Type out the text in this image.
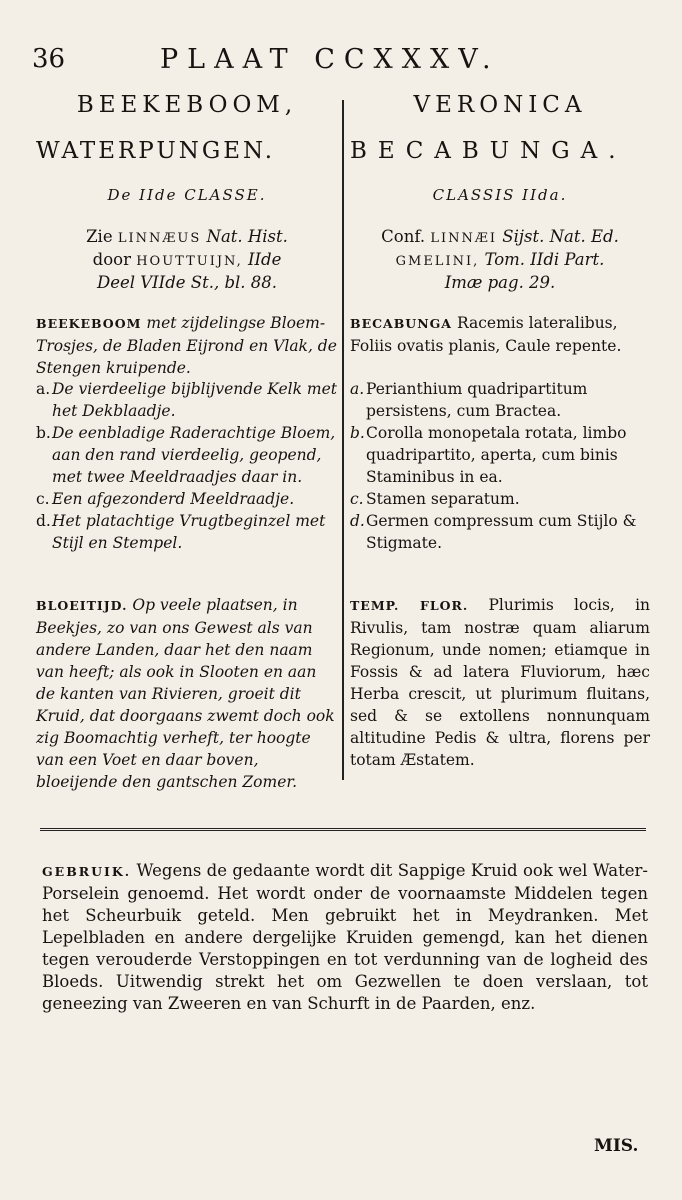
36	PLAAT CCXXXV.
BEEKEBOOM,
WATERPUNGEN.
De IIde CLASSE.
Zie LINNÆUS Nat. Hist.
door HOUTTUIJN, IIde
Deel VIIde St., bl. 88.
BEEKEBOOM met zijdelingse Bloem-Trosjes, de Bladen Eijrond en Vlak, de Stengen kruipende.
a. De vierdeelige bijblijvende Kelk met het Dekblaadje.
b. De eenbladige Raderachtige Bloem, aan den rand vierdeelig, geopend, met twee Meeldraadjes daar in.
c. Een afgezonderd Meeldraadje.
d. Het platachtige Vrugtbeginzel met Stijl en Stempel.
BLOEITIJD. Op veele plaatsen, in Beekjes, zo van ons Gewest als van andere Landen, daar het den naam van heeft; als ook in Slooten en aan de kanten van Rivieren, groeit dit Kruid, dat doorgaans zwemt doch ook zig Boomachtig verheft, ter hoogte van een Voet en daar boven, bloeijende den gantschen Zomer.
VERONICA
BECABUNGA.
CLASSIS IIda.
Conf. LINNÆI Sijst. Nat. Ed.
GMELINI, Tom. IIdi Part.
Imæ pag. 29.
BECABUNGA Racemis lateralibus, Foliis ovatis planis, Caule repente.
a. Perianthium quadripartitum persistens, cum Bractea.
b. Corolla monopetala rotata, limbo quadripartito, aperta, cum binis Staminibus in ea.
c. Stamen separatum.
d. Germen compressum cum Stijlo & Stigmate.
TEMP. FLOR. Plurimis locis, in Rivulis, tam nostræ quam aliarum Regionum, unde nomen; etiamque in Fossis & ad latera Fluviorum, hæc Herba crescit, ut plurimum fluitans, sed & se extollens nonnunquam altitudine Pedis & ultra, florens per totam Æstatem.
GEBRUIK. Wegens de gedaante wordt dit Sappige Kruid ook wel Water-Porselein genoemd. Het wordt onder de voornaamste Middelen tegen het Scheurbuik geteld. Men gebruikt het in Meydranken. Met Lepelbladen en andere dergelijke Kruiden gemengd, kan het dienen tegen verouderde Verstoppingen en tot verdunning van de logheid des Bloeds. Uitwendig strekt het om Gezwellen te doen verslaan, tot geneezing van Zweeren en van Schurft in de Paarden, enz.
MIS.
